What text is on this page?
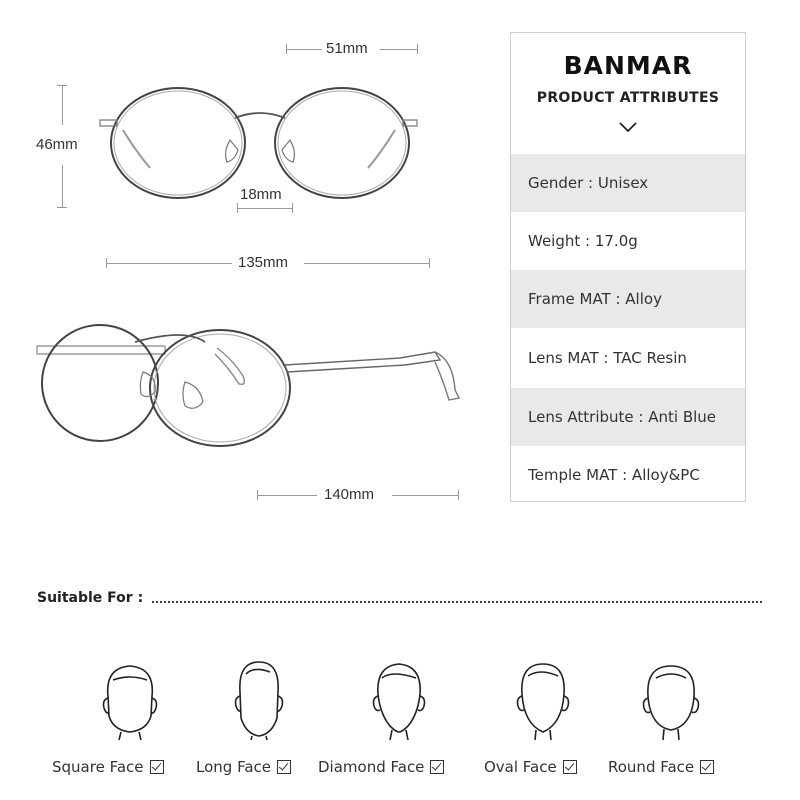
51mm
46mm
18mm
135mm
140mm
BANMAR
PRODUCT ATTRIBUTES
Gender : Unisex
Weight : 17.0g
Frame MAT : Alloy
Lens MAT : TAC Resin
Lens Attribute : Anti Blue
Temple MAT : Alloy&PC
Suitable For :
Square Face	Long Face	Diamond Face	Oval Face	Round Face
